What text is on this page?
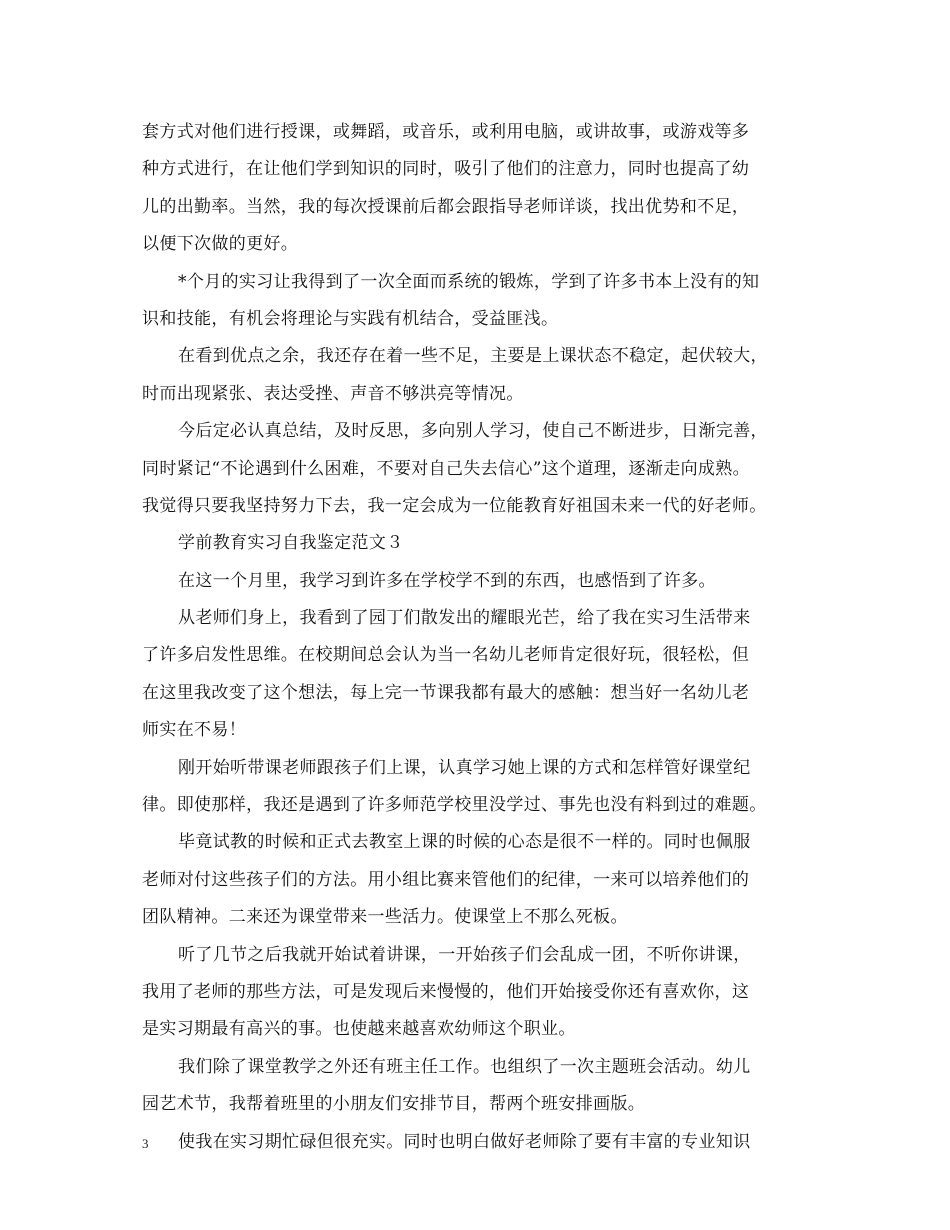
套方式对他们进行授课，或舞蹈，或音乐，或利用电脑，或讲故事，或游戏等多
种方式进行，在让他们学到知识的同时，吸引了他们的注意力，同时也提高了幼
儿的出勤率。当然，我的每次授课前后都会跟指导老师详谈，找出优势和不足，
以便下次做的更好。
*个月的实习让我得到了一次全面而系统的锻炼，学到了许多书本上没有的知
识和技能，有机会将理论与实践有机结合，受益匪浅。
在看到优点之余，我还存在着一些不足，主要是上课状态不稳定，起伏较大，
时而出现紧张、表达受挫、声音不够洪亮等情况。
今后定必认真总结，及时反思，多向别人学习，使自己不断进步，日渐完善，
同时紧记“不论遇到什么困难，不要对自己失去信心”这个道理，逐渐走向成熟。
我觉得只要我坚持努力下去，我一定会成为一位能教育好祖国未来一代的好老师。
学前教育实习自我鉴定范文３
在这一个月里，我学习到许多在学校学不到的东西，也感悟到了许多。
从老师们身上，我看到了园丁们散发出的耀眼光芒，给了我在实习生活带来
了许多启发性思维。在校期间总会认为当一名幼儿老师肯定很好玩，很轻松，但
在这里我改变了这个想法，每上完一节课我都有最大的感触：想当好一名幼儿老
师实在不易！
刚开始听带课老师跟孩子们上课，认真学习她上课的方式和怎样管好课堂纪
律。即使那样，我还是遇到了许多师范学校里没学过、事先也没有料到过的难题。
毕竟试教的时候和正式去教室上课的时候的心态是很不一样的。同时也佩服
老师对付这些孩子们的方法。用小组比赛来管他们的纪律，一来可以培养他们的
团队精神。二来还为课堂带来一些活力。使课堂上不那么死板。
听了几节之后我就开始试着讲课，一开始孩子们会乱成一团，不听你讲课，
我用了老师的那些方法，可是发现后来慢慢的，他们开始接受你还有喜欢你，这
是实习期最有高兴的事。也使越来越喜欢幼师这个职业。
我们除了课堂教学之外还有班主任工作。也组织了一次主题班会活动。幼儿
园艺术节，我帮着班里的小朋友们安排节目，帮两个班安排画版。
使我在实习期忙碌但很充实。同时也明白做好老师除了要有丰富的专业知识
3
